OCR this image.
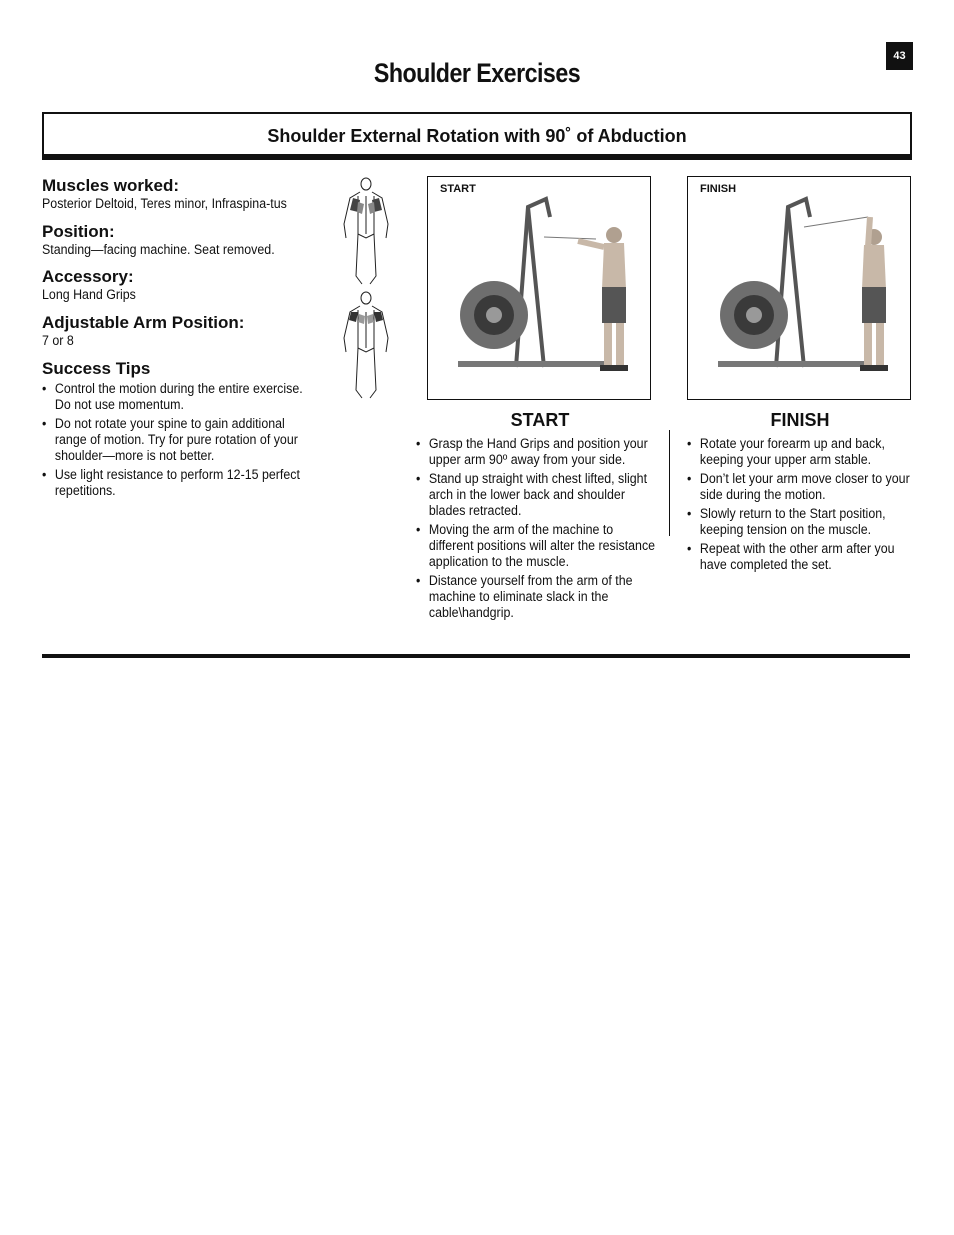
43
Shoulder Exercises
Shoulder External Rotation with 90˚ of Abduction

Muscles worked:

Posterior Deltoid, Teres minor, Infraspina-tus

Position:

Standing—facing machine. Seat removed.

Accessory:

Long Hand Grips

Adjustable Arm Position:

7 or 8

Success Tips

• Control the motion during the entire exercise. Do not use momentum.
• Do not rotate your spine to gain additional range of motion. Try for pure rotation of your shoulder—more is not better.
• Use light resistance to perform 12-15 perfect repetitions.
START	FINISH
START
• Grasp the Hand Grips and position your upper arm 90º away from your side.
• Stand up straight with chest lifted, slight arch in the lower back and shoulder blades retracted.
• Moving the arm of the machine to different positions will alter the resistance application to the muscle.
• Distance yourself from the arm of the machine to eliminate slack in the cable\handgrip.
FINISH
• Rotate your forearm up and back, keeping your upper arm stable.
• Don’t let your arm move closer to your side during the motion.
• Slowly return to the Start position, keeping tension on the muscle.
• Repeat with the other arm after you have completed the set.
